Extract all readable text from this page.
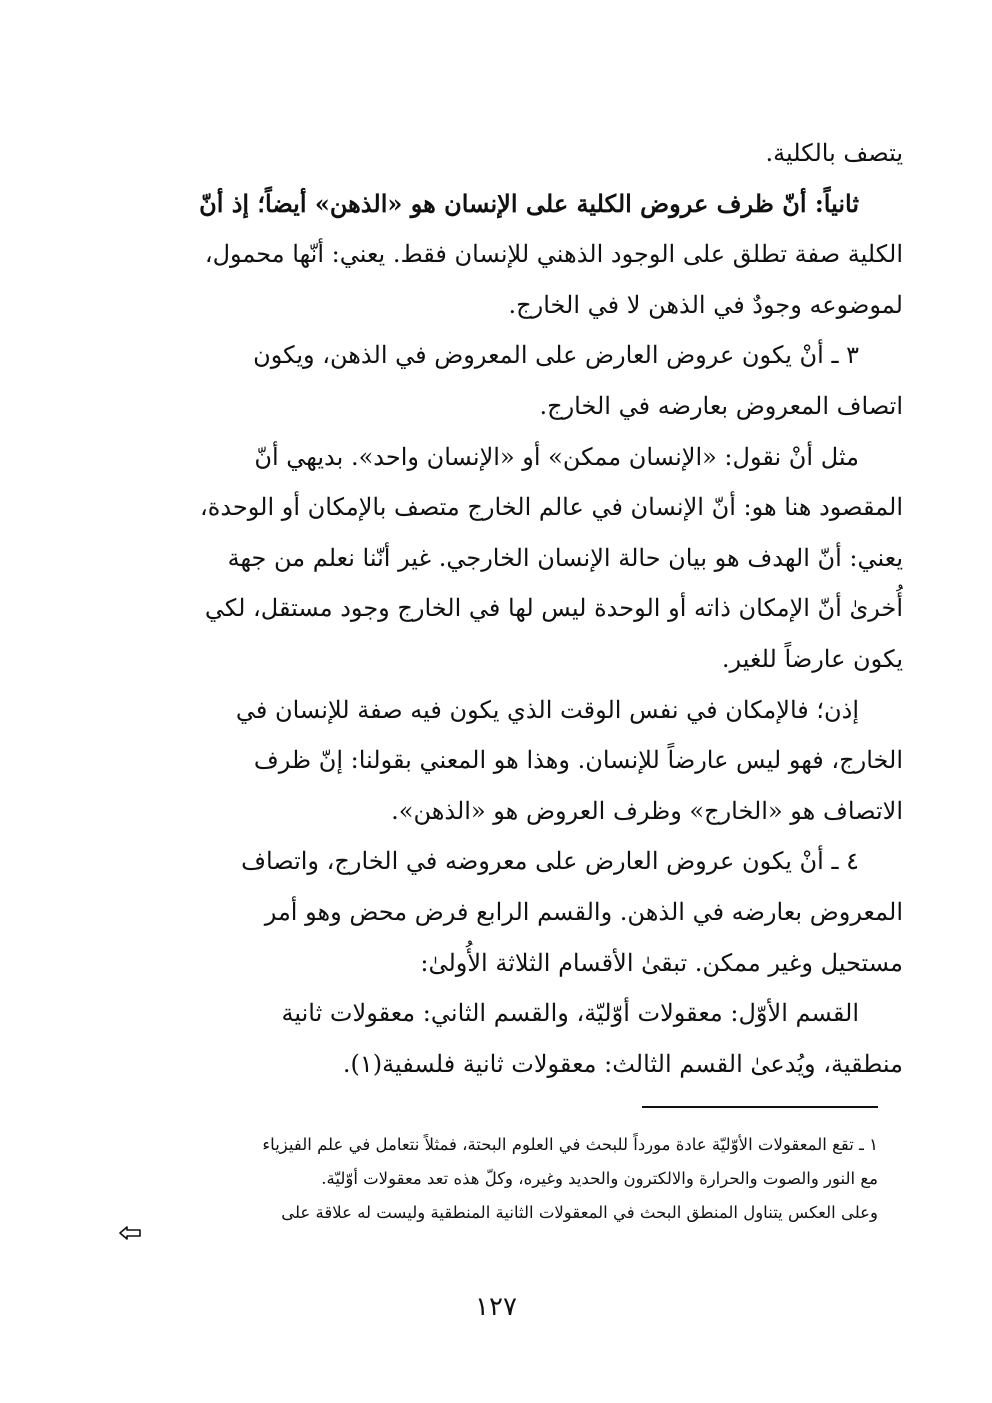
يتصف بالكلية.
ثانياً: أنّ ظرف عروض الكلية على الإنسان هو «الذهن» أيضاً؛ إذ أنّ
الكلية صفة تطلق على الوجود الذهني للإنسان فقط. يعني: أنّها محمول،
لموضوعه وجودٌ في الذهن لا في الخارج.
٣ ـ أنْ يكون عروض العارض على المعروض في الذهن، ويكون
اتصاف المعروض بعارضه في الخارج.
مثل أنْ نقول: «الإنسان ممكن» أو «الإنسان واحد». بديهي أنّ
المقصود هنا هو: أنّ الإنسان في عالم الخارج متصف بالإمكان أو الوحدة،
يعني: أنّ الهدف هو بيان حالة الإنسان الخارجي. غير أنّنا نعلم من جهة
أُخرىٰ أنّ الإمكان ذاته أو الوحدة ليس لها في الخارج وجود مستقل، لكي
يكون عارضاً للغير.
إذن؛ فالإمكان في نفس الوقت الذي يكون فيه صفة للإنسان في
الخارج، فهو ليس عارضاً للإنسان. وهذا هو المعني بقولنا: إنّ ظرف
الاتصاف هو «الخارج» وظرف العروض هو «الذهن».
٤ ـ أنْ يكون عروض العارض على معروضه في الخارج، واتصاف
المعروض بعارضه في الذهن. والقسم الرابع فرض محض وهو أمر
مستحيل وغير ممكن. تبقىٰ الأقسام الثلاثة الأُولىٰ:
القسم الأوّل: معقولات أوّليّة، والقسم الثاني: معقولات ثانية
منطقية، ويُدعىٰ القسم الثالث: معقولات ثانية فلسفية(١).
١ ـ تقع المعقولات الأوّليّة عادة مورداً للبحث في العلوم البحتة، فمثلاً نتعامل في علم الفيزياء
مع النور والصوت والحرارة والالكترون والحديد وغيره، وكلّ هذه تعد معقولات أوّليّة.
وعلى العكس يتناول المنطق البحث في المعقولات الثانية المنطقية وليست له علاقة على
١٢٧
